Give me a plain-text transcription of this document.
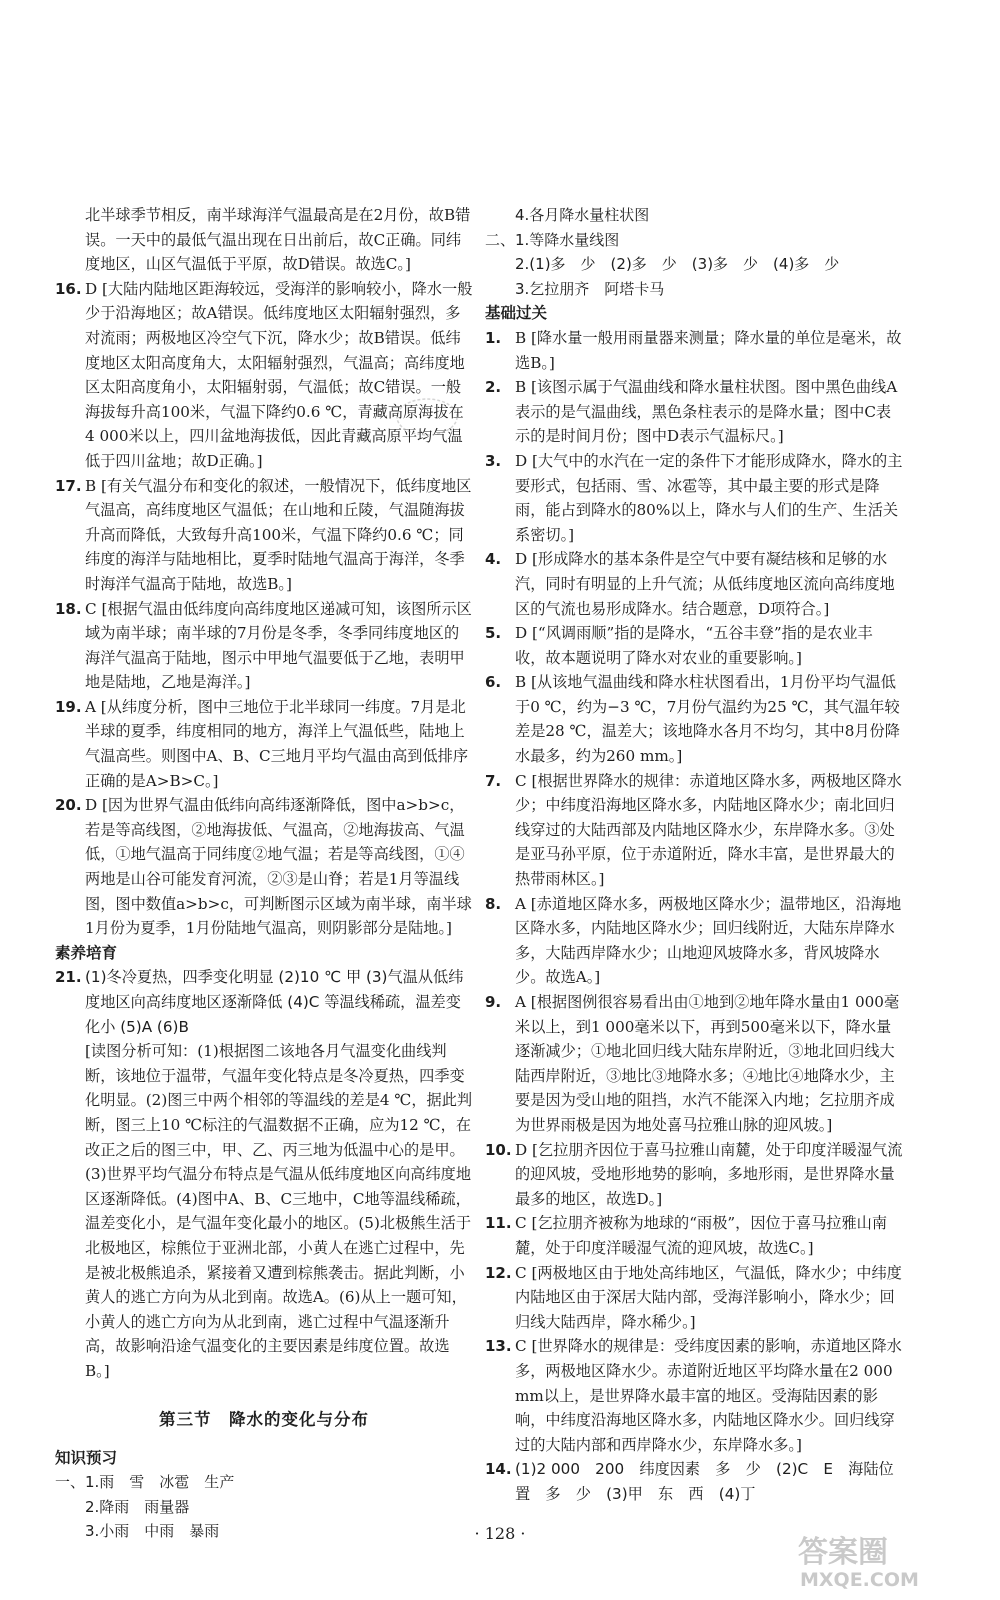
北半球季节相反，南半球海洋气温最高是在2月份，故B错误。一天中的最低气温出现在日出前后，故C正确。同纬度地区，山区气温低于平原，故D错误。故选C。]

16. D [大陆内陆地区距海较远，受海洋的影响较小，降水一般少于沿海地区；故A错误。低纬度地区太阳辐射强烈，多对流雨；两极地区冷空气下沉，降水少；故B错误。低纬度地区太阳高度角大，太阳辐射强烈，气温高；高纬度地区太阳高度角小，太阳辐射弱，气温低；故C错误。一般海拔每升高100米，气温下降约0.6 ℃，青藏高原海拔在4 000米以上，四川盆地海拔低，因此青藏高原平均气温低于四川盆地；故D正确。]

17. B [有关气温分布和变化的叙述，一般情况下，低纬度地区气温高，高纬度地区气温低；在山地和丘陵，气温随海拔升高而降低，大致每升高100米，气温下降约0.6 ℃；同纬度的海洋与陆地相比，夏季时陆地气温高于海洋，冬季时海洋气温高于陆地，故选B。]

18. C [根据气温由低纬度向高纬度地区递减可知，该图所示区域为南半球；南半球的7月份是冬季，冬季同纬度地区的海洋气温高于陆地，图示中甲地气温要低于乙地，表明甲地是陆地，乙地是海洋。]

19. A [从纬度分析，图中三地位于北半球同一纬度。7月是北半球的夏季，纬度相同的地方，海洋上气温低些，陆地上气温高些。则图中A、B、C三地月平均气温由高到低排序正确的是A>B>C。]

20. D [因为世界气温由低纬向高纬逐渐降低，图中a>b>c，若是等高线图，②地海拔低、气温高，②地海拔高、气温低，①地气温高于同纬度②地气温；若是等高线图，①④两地是山谷可能发育河流，②③是山脊；若是1月等温线图，图中数值a>b>c，可判断图示区域为南半球，南半球1月份为夏季，1月份陆地气温高，则阴影部分是陆地。]

素养培育

21. (1)冬冷夏热，四季变化明显 (2)10 ℃ 甲 (3)气温从低纬度地区向高纬度地区逐渐降低 (4)C 等温线稀疏，温差变化小 (5)A (6)B

[读图分析可知：(1)根据图二该地各月气温变化曲线判断，该地位于温带，气温年变化特点是冬冷夏热，四季变化明显。(2)图三中两个相邻的等温线的差是4 ℃，据此判断，图三上10 ℃标注的气温数据不正确，应为12 ℃，在改正之后的图三中，甲、乙、丙三地为低温中心的是甲。(3)世界平均气温分布特点是气温从低纬度地区向高纬度地区逐渐降低。(4)图中A、B、C三地中，C地等温线稀疏，温差变化小，是气温年变化最小的地区。(5)北极熊生活于北极地区，棕熊位于亚洲北部，小黄人在逃亡过程中，先是被北极熊追杀，紧接着又遭到棕熊袭击。据此判断，小黄人的逃亡方向为从北到南。故选A。(6)从上一题可知，小黄人的逃亡方向为从北到南，逃亡过程中气温逐渐升高，故影响沿途气温变化的主要因素是纬度位置。故选B。]

第三节　降水的变化与分布

知识预习

一、1.雨　雪　冰雹　生产

2.降雨　雨量器

3.小雨　中雨　暴雨

4.各月降水量柱状图

二、1.等降水量线图

2.(1)多　少　(2)多　少　(3)多　少　(4)多　少

3.乞拉朋齐　阿塔卡马

基础过关

1. B [降水量一般用雨量器来测量；降水量的单位是毫米，故选B。]

2. B [该图示属于气温曲线和降水量柱状图。图中黑色曲线A表示的是气温曲线，黑色条柱表示的是降水量；图中C表示的是时间月份；图中D表示气温标尺。]

3. D [大气中的水汽在一定的条件下才能形成降水，降水的主要形式，包括雨、雪、冰雹等，其中最主要的形式是降雨，能占到降水的80%以上，降水与人们的生产、生活关系密切。]

4. D [形成降水的基本条件是空气中要有凝结核和足够的水汽，同时有明显的上升气流；从低纬度地区流向高纬度地区的气流也易形成降水。结合题意，D项符合。]

5. D [“风调雨顺”指的是降水，“五谷丰登”指的是农业丰收，故本题说明了降水对农业的重要影响。]

6. B [从该地气温曲线和降水柱状图看出，1月份平均气温低于0 ℃，约为−3 ℃，7月份气温约为25 ℃，其气温年较差是28 ℃，温差大；该地降水各月不均匀，其中8月份降水最多，约为260 mm。]

7. C [根据世界降水的规律：赤道地区降水多，两极地区降水少；中纬度沿海地区降水多，内陆地区降水少；南北回归线穿过的大陆西部及内陆地区降水少，东岸降水多。③处是亚马孙平原，位于赤道附近，降水丰富，是世界最大的热带雨林区。]

8. A [赤道地区降水多，两极地区降水少；温带地区，沿海地区降水多，内陆地区降水少；回归线附近，大陆东岸降水多，大陆西岸降水少；山地迎风坡降水多，背风坡降水少。故选A。]

9. A [根据图例很容易看出由①地到②地年降水量由1 000毫米以上，到1 000毫米以下，再到500毫米以下，降水量逐渐减少；①地北回归线大陆东岸附近，③地北回归线大陆西岸附近，③地比③地降水多；④地比④地降水少，主要是因为受山地的阻挡，水汽不能深入内地；乞拉朋齐成为世界雨极是因为地处喜马拉雅山脉的迎风坡。]

10. D [乞拉朋齐因位于喜马拉雅山南麓，处于印度洋暖湿气流的迎风坡，受地形地势的影响，多地形雨，是世界降水量最多的地区，故选D。]

11. C [乞拉朋齐被称为地球的“雨极”，因位于喜马拉雅山南麓，处于印度洋暖湿气流的迎风坡，故选C。]

12. C [两极地区由于地处高纬地区，气温低，降水少；中纬度内陆地区由于深居大陆内部，受海洋影响小，降水少；回归线大陆西岸，降水稀少。]

13. C [世界降水的规律是：受纬度因素的影响，赤道地区降水多，两极地区降水少。赤道附近地区平均降水量在2 000 mm以上，是世界降水最丰富的地区。受海陆因素的影响，中纬度沿海地区降水多，内陆地区降水少。回归线穿过的大陆内部和西岸降水少，东岸降水多。]

14. (1)2 000　200　纬度因素　多　少　(2)C　E　海陆位置　多　少　(3)甲　东　西　(4)丁

· 128 ·
答案圈
MXQE.COM
